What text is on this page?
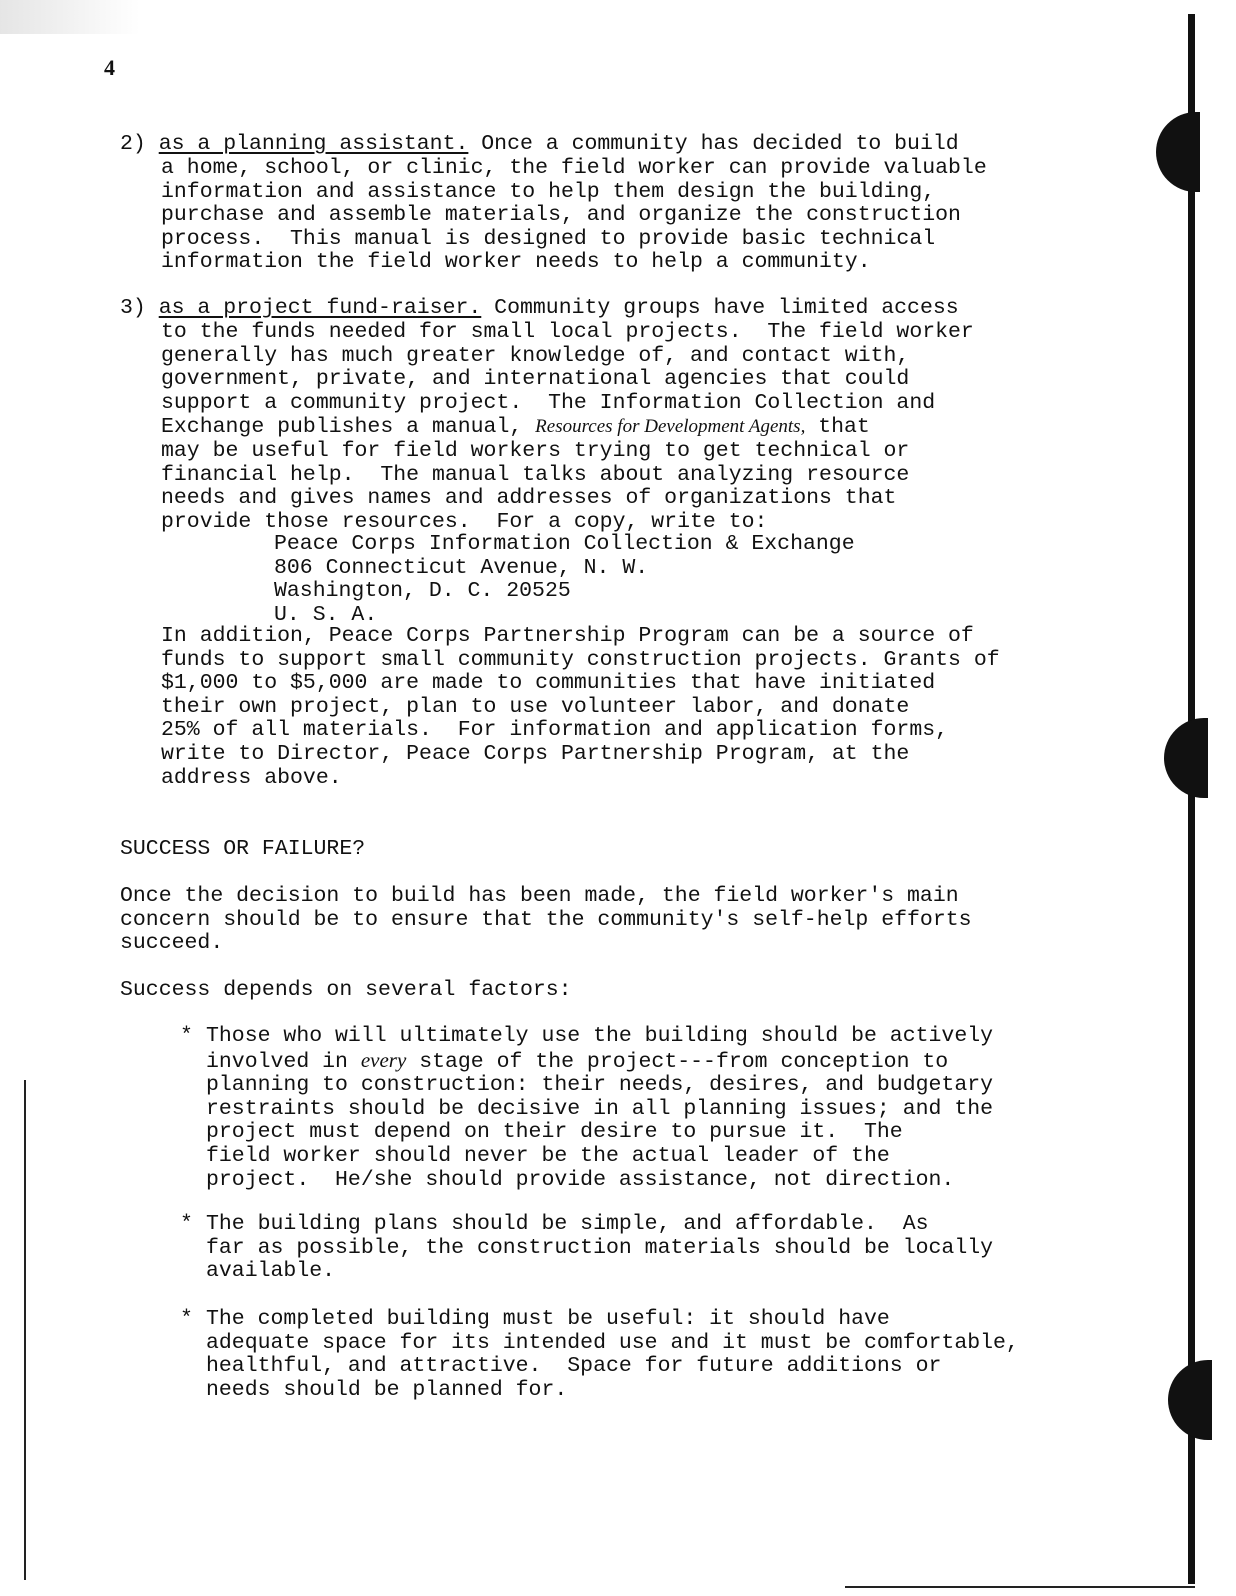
4
2) as a planning assistant. Once a community has decided to build
a home, school, or clinic, the field worker can provide valuable
information and assistance to help them design the building,
purchase and assemble materials, and organize the construction
process.  This manual is designed to provide basic technical
information the field worker needs to help a community.
3) as a project fund-raiser. Community groups have limited access
to the funds needed for small local projects.  The field worker
generally has much greater knowledge of, and contact with,
government, private, and international agencies that could
support a community project.  The Information Collection and
Exchange publishes a manual, Resources for Development Agents, that
may be useful for field workers trying to get technical or
financial help.  The manual talks about analyzing resource
needs and gives names and addresses of organizations that
provide those resources.  For a copy, write to:
Peace Corps Information Collection & Exchange
806 Connecticut Avenue, N. W.
Washington, D. C. 20525
U. S. A.
In addition, Peace Corps Partnership Program can be a source of
funds to support small community construction projects. Grants of
$1,000 to $5,000 are made to communities that have initiated
their own project, plan to use volunteer labor, and donate
25% of all materials.  For information and application forms,
write to Director, Peace Corps Partnership Program, at the
address above.
SUCCESS OR FAILURE?
Once the decision to build has been made, the field worker's main
concern should be to ensure that the community's self-help efforts
succeed.
Success depends on several factors:
* Those who will ultimately use the building should be actively
involved in every stage of the project---from conception to
planning to construction: their needs, desires, and budgetary
restraints should be decisive in all planning issues; and the
project must depend on their desire to pursue it.  The
field worker should never be the actual leader of the
project.  He/she should provide assistance, not direction.
* The building plans should be simple, and affordable.  As
far as possible, the construction materials should be locally
available.
* The completed building must be useful: it should have
adequate space for its intended use and it must be comfortable,
healthful, and attractive.  Space for future additions or
needs should be planned for.
